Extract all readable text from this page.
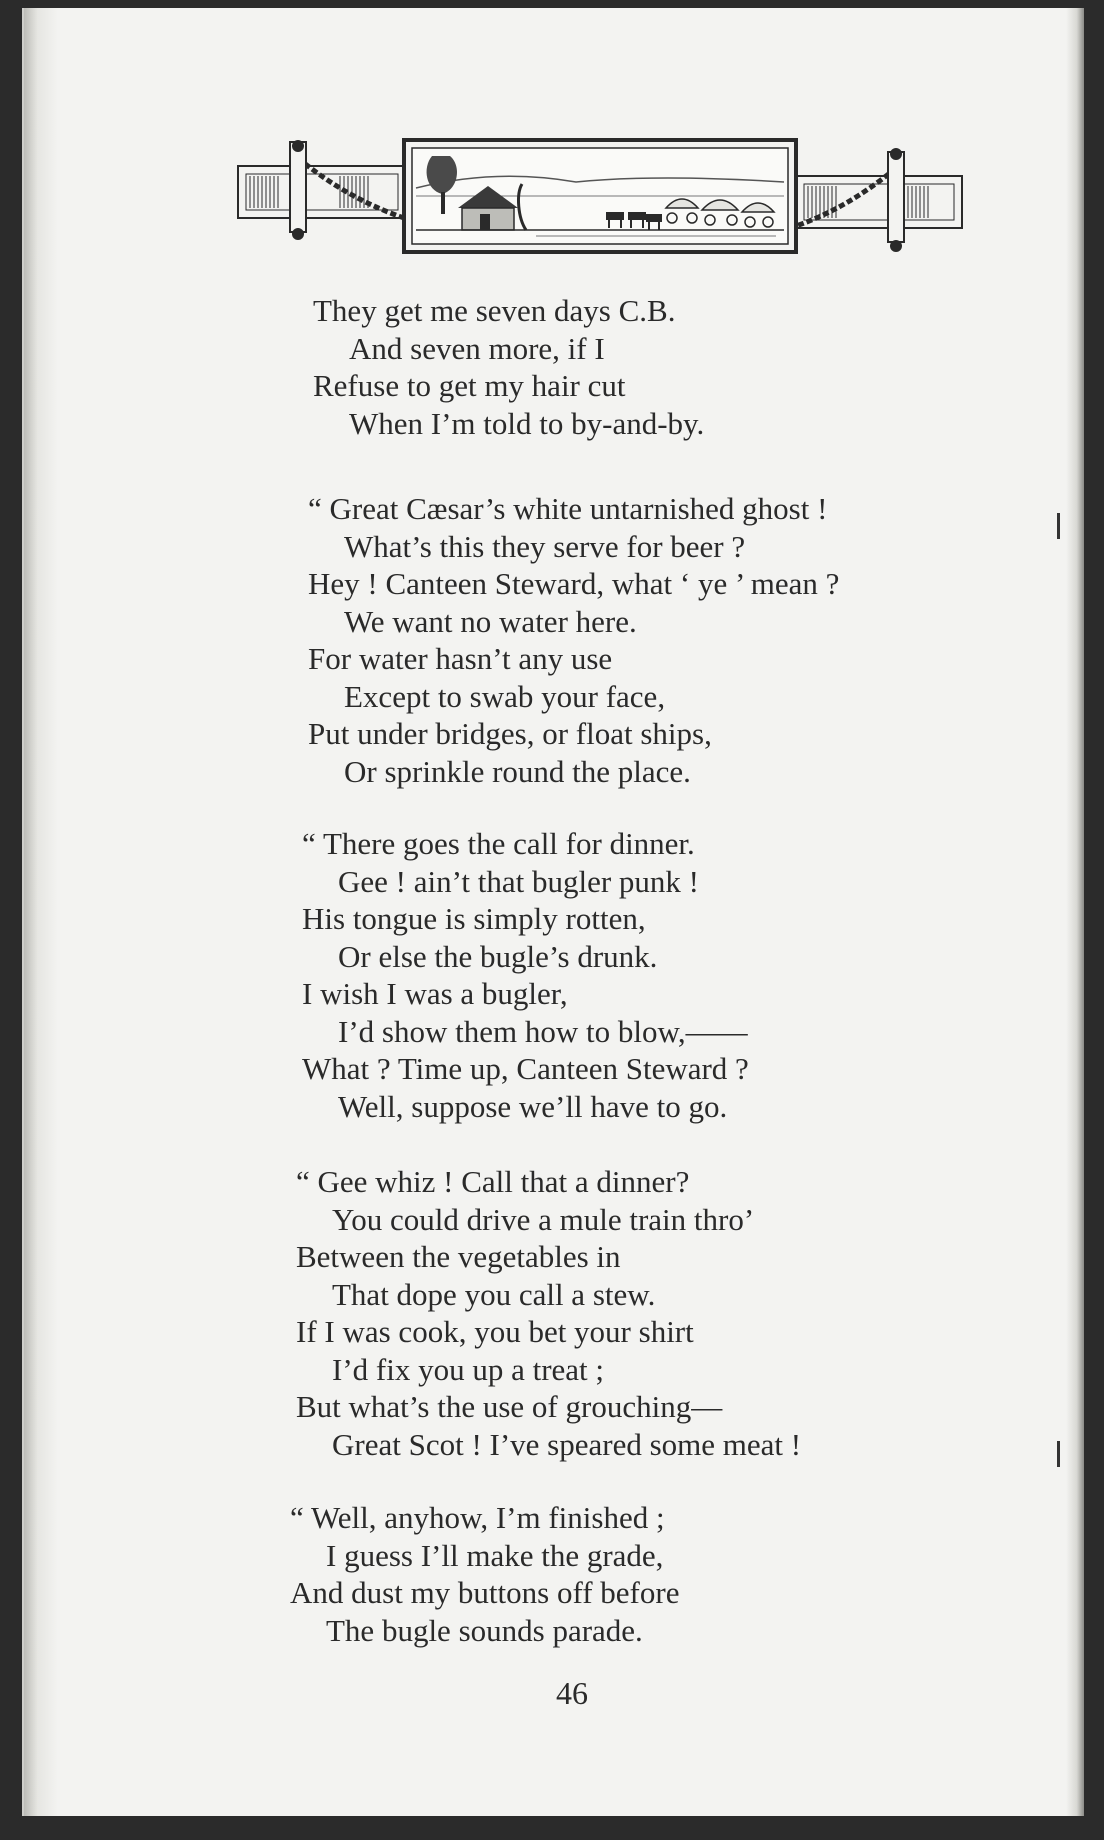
They get me seven days C.B.
And seven more, if I
Refuse to get my hair cut
When I’m told to by-and-by.
“ Great Cæsar’s white untarnished ghost !
What’s this they serve for beer ?
Hey ! Canteen Steward, what ‘ ye ’ mean ?
We want no water here.
For water hasn’t any use
Except to swab your face,
Put under bridges, or float ships,
Or sprinkle round the place.
“ There goes the call for dinner.
Gee ! ain’t that bugler punk !
His tongue is simply rotten,
Or else the bugle’s drunk.
I wish I was a bugler,
I’d show them how to blow,——
What ? Time up, Canteen Steward ?
Well, suppose we’ll have to go.
“ Gee whiz ! Call that a dinner?
You could drive a mule train thro’
Between the vegetables in
That dope you call a stew.
If I was cook, you bet your shirt
I’d fix you up a treat ;
But what’s the use of grouching—
Great Scot ! I’ve speared some meat !
“ Well, anyhow, I’m finished ;
I guess I’ll make the grade,
And dust my buttons off before
The bugle sounds parade.
46
